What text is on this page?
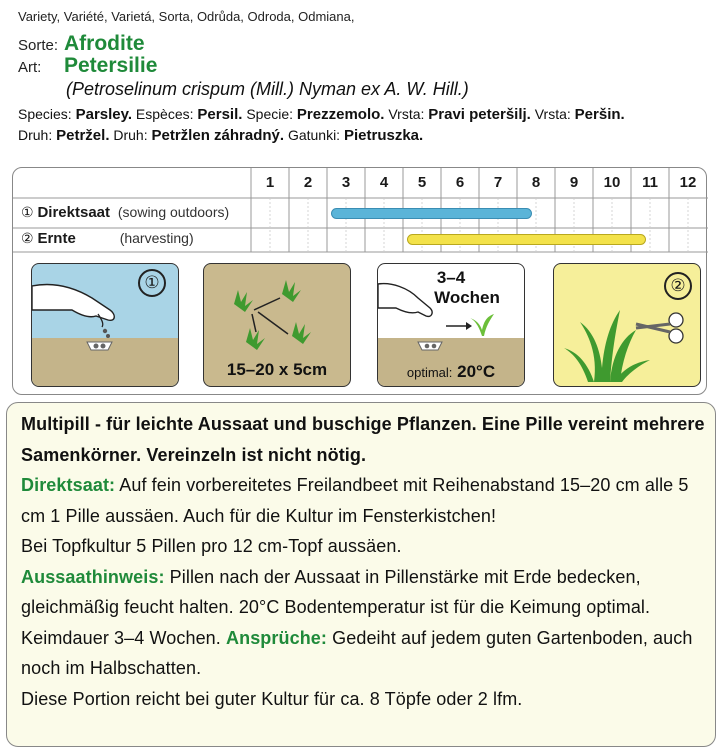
Variety, Variété, Varietá, Sorta, Odrůda, Odroda, Odmiana,
Sorte: Afrodite
Art:	Petersilie
(Petroselinum crispum (Mill.) Nyman ex A. W. Hill.)
Species: Parsley. Espèces: Persil. Specie: Prezzemolo. Vrsta: Pravi peteršilj. Vrsta: Peršin.
Druh: Petržel. Druh: Petržlen záhradný. Gatunki: Pietruszka.
1	2	3	4	5	6	7	8	9	10	11	12
① Direktsaat (sowing outdoors)
② Ernte	(harvesting)
①
15–20 x 5cm
3–4
Wochen
optimal: 20°C
②

Multipill - für leichte Aussaat und buschige Pflanzen. Eine Pille vereint mehrere Samenkörner. Vereinzeln ist nicht nötig.

Direktsaat: Auf fein vorbereitetes Freilandbeet mit Reihenabstand 15–20 cm alle 5 cm 1 Pille aussäen. Auch für die Kultur im Fensterkistchen!

Bei Topfkultur 5 Pillen pro 12 cm-Topf aussäen.

Aussaathinweis: Pillen nach der Aussaat in Pillenstärke mit Erde bedecken, gleichmäßig feucht halten. 20°C Bodentemperatur ist für die Keimung optimal. Keimdauer 3–4 Wochen. Ansprüche: Gedeiht auf jedem guten Gartenboden, auch noch im Halbschatten.

Diese Portion reicht bei guter Kultur für ca. 8 Töpfe oder 2 lfm.
